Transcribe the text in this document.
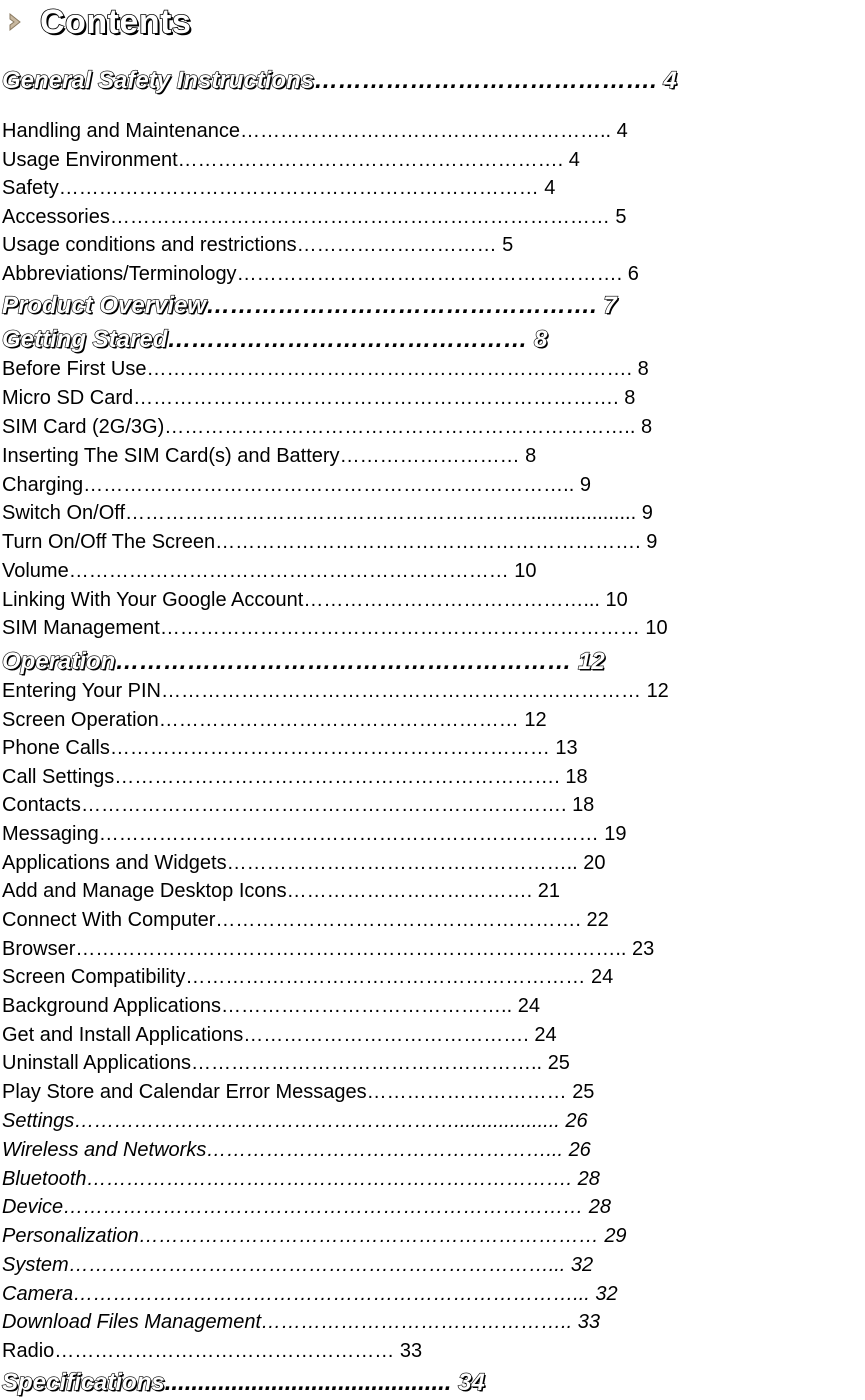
Contents
General Safety Instructions……………………………………. 4
Handling and Maintenance……………………………………………….. 4
Usage Environment…………………………………………………. 4
Safety……………………………………………………………… 4
Accessories………………………………………………………………… 5
Usage conditions and restrictions………………………… 5
Abbreviations/Terminology…………………………………………………. 6
Product Overview…………………………………………. 7
Getting Stared……………………………………… 8
Before First Use………………………………………………………………. 8
Micro SD Card………………………………………………………………. 8
SIM Card (2G/3G)…………………………………………………………….. 8
Inserting The SIM Card(s) and Battery……………………… 8
Charging……………………………………………………………….. 9
Switch On/Off…………………………………………………….................... 9
Turn On/Off The Screen………………………………………………………. 9
Volume………………………………………………………… 10
Linking With Your Google Account……………………………………... 10
SIM Management……………………………………………………………… 10
Operation………………………………………………… 12
Entering Your PIN……………………………………………………………… 12
Screen Operation……………………………………………… 12
Phone Calls………………………………………………………… 13
Call Settings…………………………………………………………. 18
Contacts………………………………………………………………. 18
Messaging………………………………………………………………… 19
Applications and Widgets…………………………………………….. 20
Add and Manage Desktop Icons………………………………. 21
Connect With Computer………………………………………………. 22
Browser……………………………………………………………………….. 23
Screen Compatibility…………………………………………………… 24
Background Applications…………………………………….. 24
Get and Install Applications……………………………………. 24
Uninstall Applications…………………………………………….. 25
Play Store and Calendar Error Messages………………………… 25
Settings…………………………………………………................... 26
Wireless and Networks……………………………………………... 26
Bluetooth………………………………………………………………. 28
Device…………………………………………………………………… 28
Personalization…………………………………………………………… 29
System………………………………………………………………... 32
Camera…………………………………………………………………... 32
Download Files Management……………………………………….. 33
Radio…………………………………………… 33
Specifications........................................... 34
